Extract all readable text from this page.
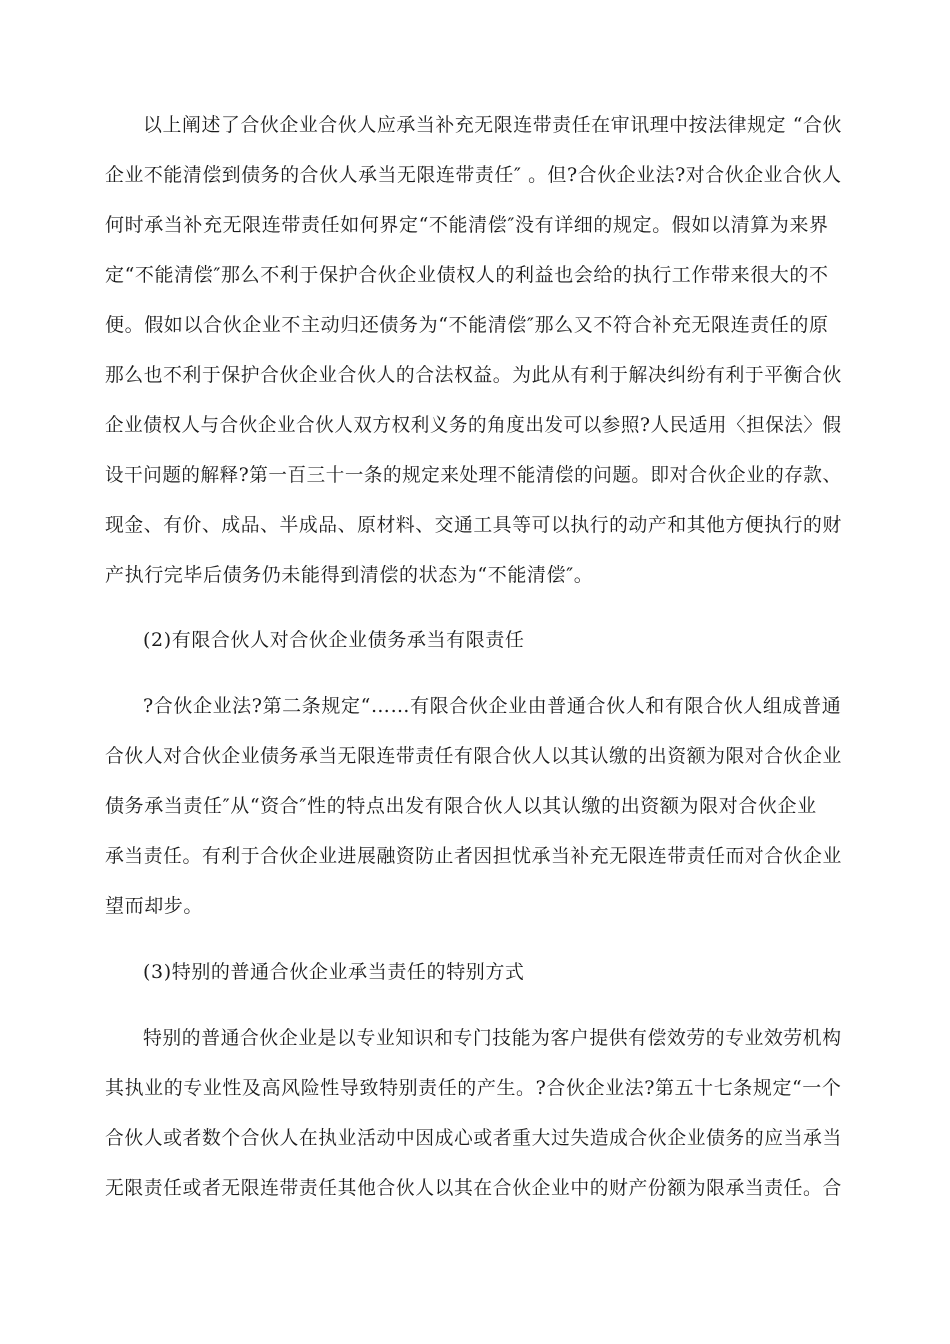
以上阐述了合伙企业合伙人应承当补充无限连带责任在审讯理中按法律规定 “合伙
企业不能清偿到债务的合伙人承当无限连带责任″ 。但?合伙企业法?对合伙企业合伙人
何时承当补充无限连带责任如何界定“不能清偿″没有详细的规定。假如以清算为来界
定“不能清偿″那么不利于保护合伙企业债权人的利益也会给的执行工作带来很大的不
便。假如以合伙企业不主动归还债务为“不能清偿″那么又不符合补充无限连责任的原
那么也不利于保护合伙企业合伙人的合法权益。为此从有利于解决纠纷有利于平衡合伙
企业债权人与合伙企业合伙人双方权利义务的角度出发可以参照?人民适用〈担保法〉假
设干问题的解释?第一百三十一条的规定来处理不能清偿的问题。即对合伙企业的存款、
现金、有价、成品、半成品、原材料、交通工具等可以执行的动产和其他方便执行的财
产执行完毕后债务仍未能得到清偿的状态为“不能清偿″。
(2)有限合伙人对合伙企业债务承当有限责任
?合伙企业法?第二条规定“……有限合伙企业由普通合伙人和有限合伙人组成普通
合伙人对合伙企业债务承当无限连带责任有限合伙人以其认缴的出资额为限对合伙企业
债务承当责任″从“资合″性的特点出发有限合伙人以其认缴的出资额为限对合伙企业
承当责任。有利于合伙企业进展融资防止者因担忧承当补充无限连带责任而对合伙企业
望而却步。
(3)特别的普通合伙企业承当责任的特别方式
特别的普通合伙企业是以专业知识和专门技能为客户提供有偿效劳的专业效劳机构
其执业的专业性及高风险性导致特别责任的产生。?合伙企业法?第五十七条规定“一个
合伙人或者数个合伙人在执业活动中因成心或者重大过失造成合伙企业债务的应当承当
无限责任或者无限连带责任其他合伙人以其在合伙企业中的财产份额为限承当责任。合
